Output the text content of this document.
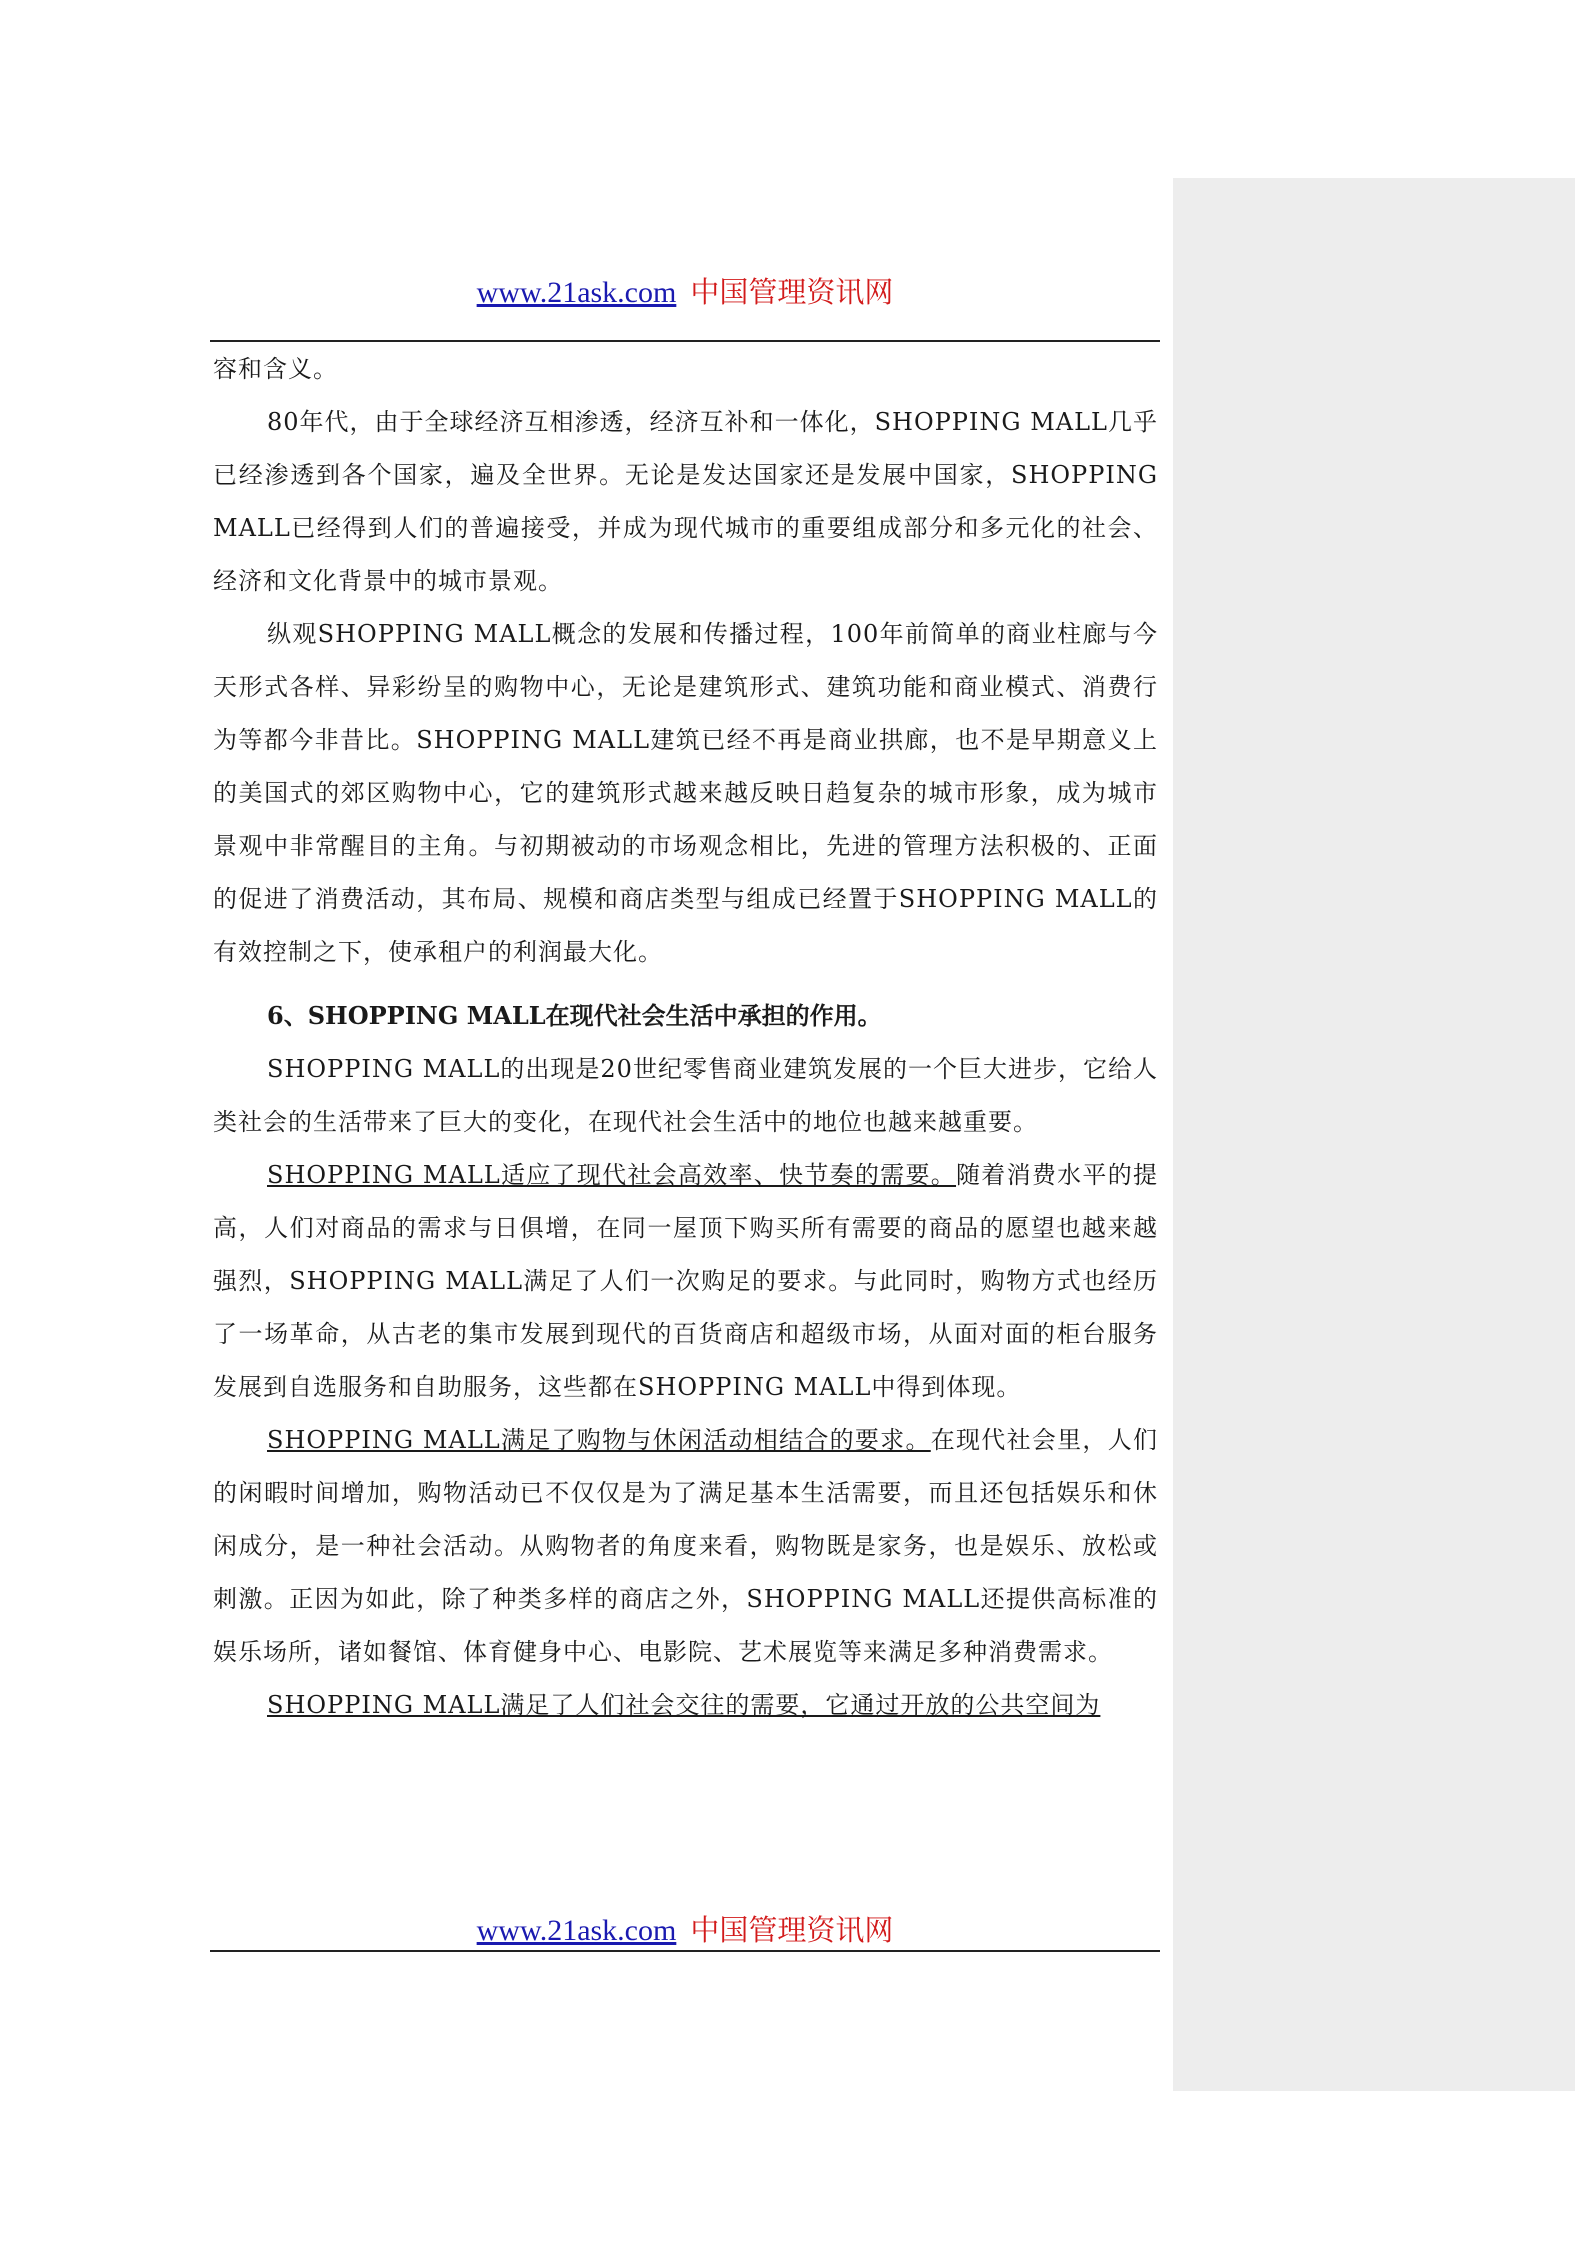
www.21ask.com 中国管理资讯网

容和含义。

80年代，由于全球经济互相渗透，经济互补和一体化，SHOPPING MALL几乎已经渗透到各个国家，遍及全世界。无论是发达国家还是发展中国家，SHOPPING MALL已经得到人们的普遍接受，并成为现代城市的重要组成部分和多元化的社会、经济和文化背景中的城市景观。

纵观SHOPPING MALL概念的发展和传播过程，100年前简单的商业柱廊与今天形式各样、异彩纷呈的购物中心，无论是建筑形式、建筑功能和商业模式、消费行为等都今非昔比。SHOPPING MALL建筑已经不再是商业拱廊，也不是早期意义上的美国式的郊区购物中心，它的建筑形式越来越反映日趋复杂的城市形象，成为城市景观中非常醒目的主角。与初期被动的市场观念相比，先进的管理方法积极的、正面的促进了消费活动，其布局、规模和商店类型与组成已经置于SHOPPING MALL的有效控制之下，使承租户的利润最大化。

6、SHOPPING MALL在现代社会生活中承担的作用。

SHOPPING MALL的出现是20世纪零售商业建筑发展的一个巨大进步，它给人类社会的生活带来了巨大的变化，在现代社会生活中的地位也越来越重要。

SHOPPING MALL适应了现代社会高效率、快节奏的需要。随着消费水平的提高，人们对商品的需求与日俱增，在同一屋顶下购买所有需要的商品的愿望也越来越强烈，SHOPPING MALL满足了人们一次购足的要求。与此同时，购物方式也经历了一场革命，从古老的集市发展到现代的百货商店和超级市场，从面对面的柜台服务发展到自选服务和自助服务，这些都在SHOPPING MALL中得到体现。

SHOPPING MALL满足了购物与休闲活动相结合的要求。在现代社会里，人们的闲暇时间增加，购物活动已不仅仅是为了满足基本生活需要，而且还包括娱乐和休闲成分，是一种社会活动。从购物者的角度来看，购物既是家务，也是娱乐、放松或刺激。正因为如此，除了种类多样的商店之外，SHOPPING MALL还提供高标准的娱乐场所，诸如餐馆、体育健身中心、电影院、艺术展览等来满足多种消费需求。

SHOPPING MALL满足了人们社会交往的需要，它通过开放的公共空间为

www.21ask.com 中国管理资讯网
